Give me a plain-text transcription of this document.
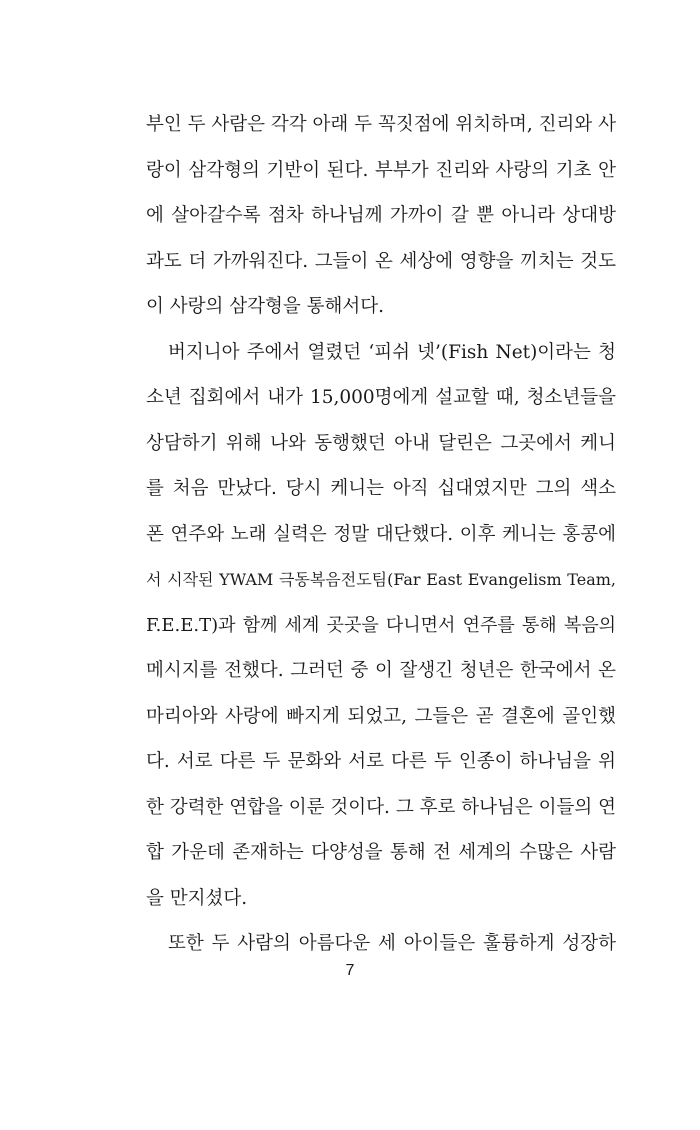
부인 두 사람은 각각 아래 두 꼭짓점에 위치하며, 진리와 사
랑이 삼각형의 기반이 된다. 부부가 진리와 사랑의 기초 안
에 살아갈수록 점차 하나님께 가까이 갈 뿐 아니라 상대방
과도 더 가까워진다. 그들이 온 세상에 영향을 끼치는 것도
이 사랑의 삼각형을 통해서다.
버지니아 주에서 열렸던 ‘피쉬 넷’(Fish Net)이라는 청
소년 집회에서 내가 15,000명에게 설교할 때, 청소년들을
상담하기 위해 나와 동행했던 아내 달린은 그곳에서 케니
를 처음 만났다. 당시 케니는 아직 십대였지만 그의 색소
폰 연주와 노래 실력은 정말 대단했다. 이후 케니는 홍콩에
서 시작된 YWAM 극동복음전도팀(Far East Evangelism Team,
F.E.E.T)과 함께 세계 곳곳을 다니면서 연주를 통해 복음의
메시지를 전했다. 그러던 중 이 잘생긴 청년은 한국에서 온
마리아와 사랑에 빠지게 되었고, 그들은 곧 결혼에 골인했
다. 서로 다른 두 문화와 서로 다른 두 인종이 하나님을 위
한 강력한 연합을 이룬 것이다. 그 후로 하나님은 이들의 연
합 가운데 존재하는 다양성을 통해 전 세계의 수많은 사람
을 만지셨다.
또한 두 사람의 아름다운 세 아이들은 훌륭하게 성장하
7
